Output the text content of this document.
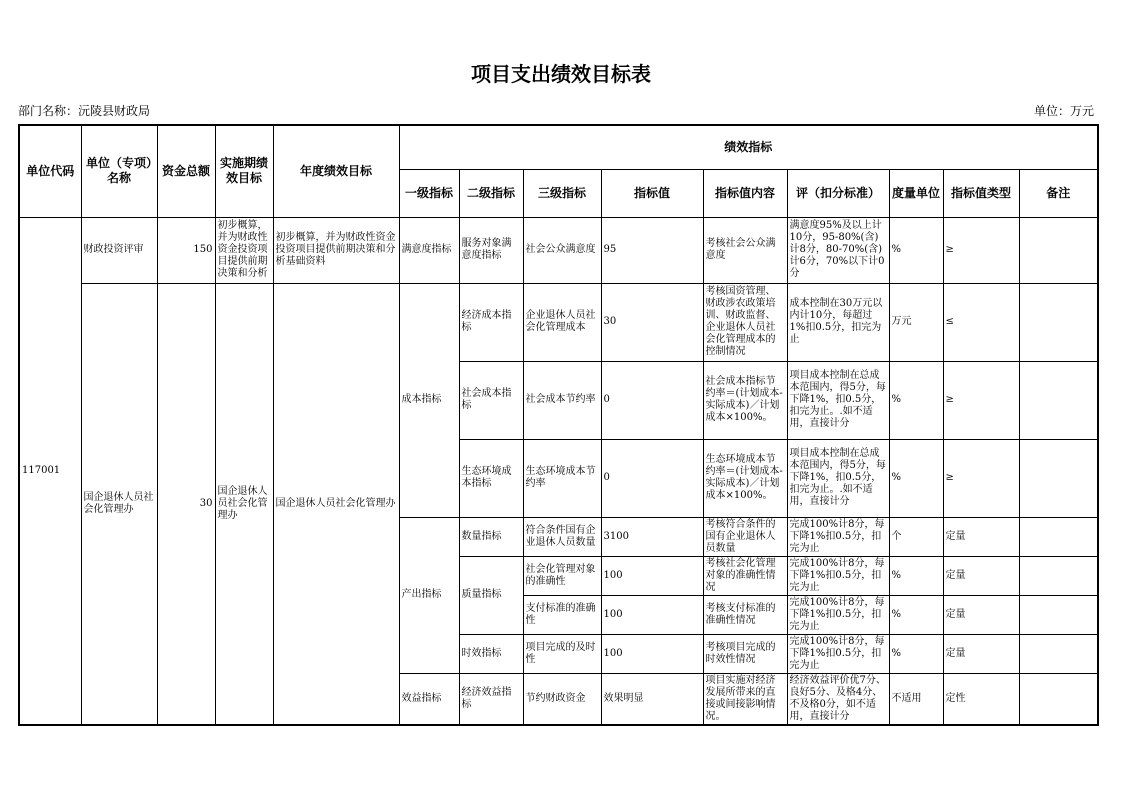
项目支出绩效目标表
部门名称：沅陵县财政局	单位：万元
单位代码	单位（专项）名称	资金总额	实施期绩效目标	年度绩效目标	绩效指标								
					一级指标	二级指标	三级指标	指标值	指标值内容	评（扣分标准）	度量单位	指标值类型	备注
117001	财政投资评审	150	初步概算，并为财政性资金投资项目提供前期决策和分析	初步概算，并为财政性资金投资项目提供前期决策和分析基础资料	满意度指标	服务对象满意度指标	社会公众满意度	95	考核社会公众满意度	满意度95%及以上计10分，95-80%(含)计8分，80-70%(含)计6分，70%以下计0分	%	≥	
	国企退休人员社会化管理办	30	国企退休人员社会化管理办	国企退休人员社会化管理办	成本指标	经济成本指标	企业退休人员社会化管理成本	30	考核国资管理、财政涉农政策培训、财政监督、企业退休人员社会化管理成本的控制情况	成本控制在30万元以内计10分，每超过1%扣0.5分，扣完为止	万元	≤	
						社会成本指标	社会成本节约率	0	社会成本指标节约率＝(计划成本-实际成本)／计划成本×100%。	项目成本控制在总成本范围内，得5分，每下降1%，扣0.5分，扣完为止。.如不适用，直接计分	%	≥	
						生态环境成本指标	生态环境成本节约率	0	生态环境成本节约率＝(计划成本-实际成本)／计划成本×100%。	项目成本控制在总成本范围内，得5分，每下降1%，扣0.5分，扣完为止。.如不适用，直接计分	%	≥	
					产出指标	数量指标	符合条件国有企业退休人员数量	3100	考核符合条件的国有企业退休人员数量	完成100%计8分，每下降1%扣0.5分，扣完为止	个	定量	
						质量指标	社会化管理对象的准确性	100	考核社会化管理对象的准确性情况	完成100%计8分，每下降1%扣0.5分，扣完为止	%	定量	
							支付标准的准确性	100	考核支付标准的准确性情况	完成100%计8分，每下降1%扣0.5分，扣完为止	%	定量	
						时效指标	项目完成的及时性	100	考核项目完成的时效性情况	完成100%计8分，每下降1%扣0.5分，扣完为止	%	定量	
					效益指标	经济效益指标	节约财政资金	效果明显	项目实施对经济发展所带来的直接或间接影响情况。	经济效益评价优7分、良好5分、及格4分、不及格0分，如不适用，直接计分	不适用	定性	
